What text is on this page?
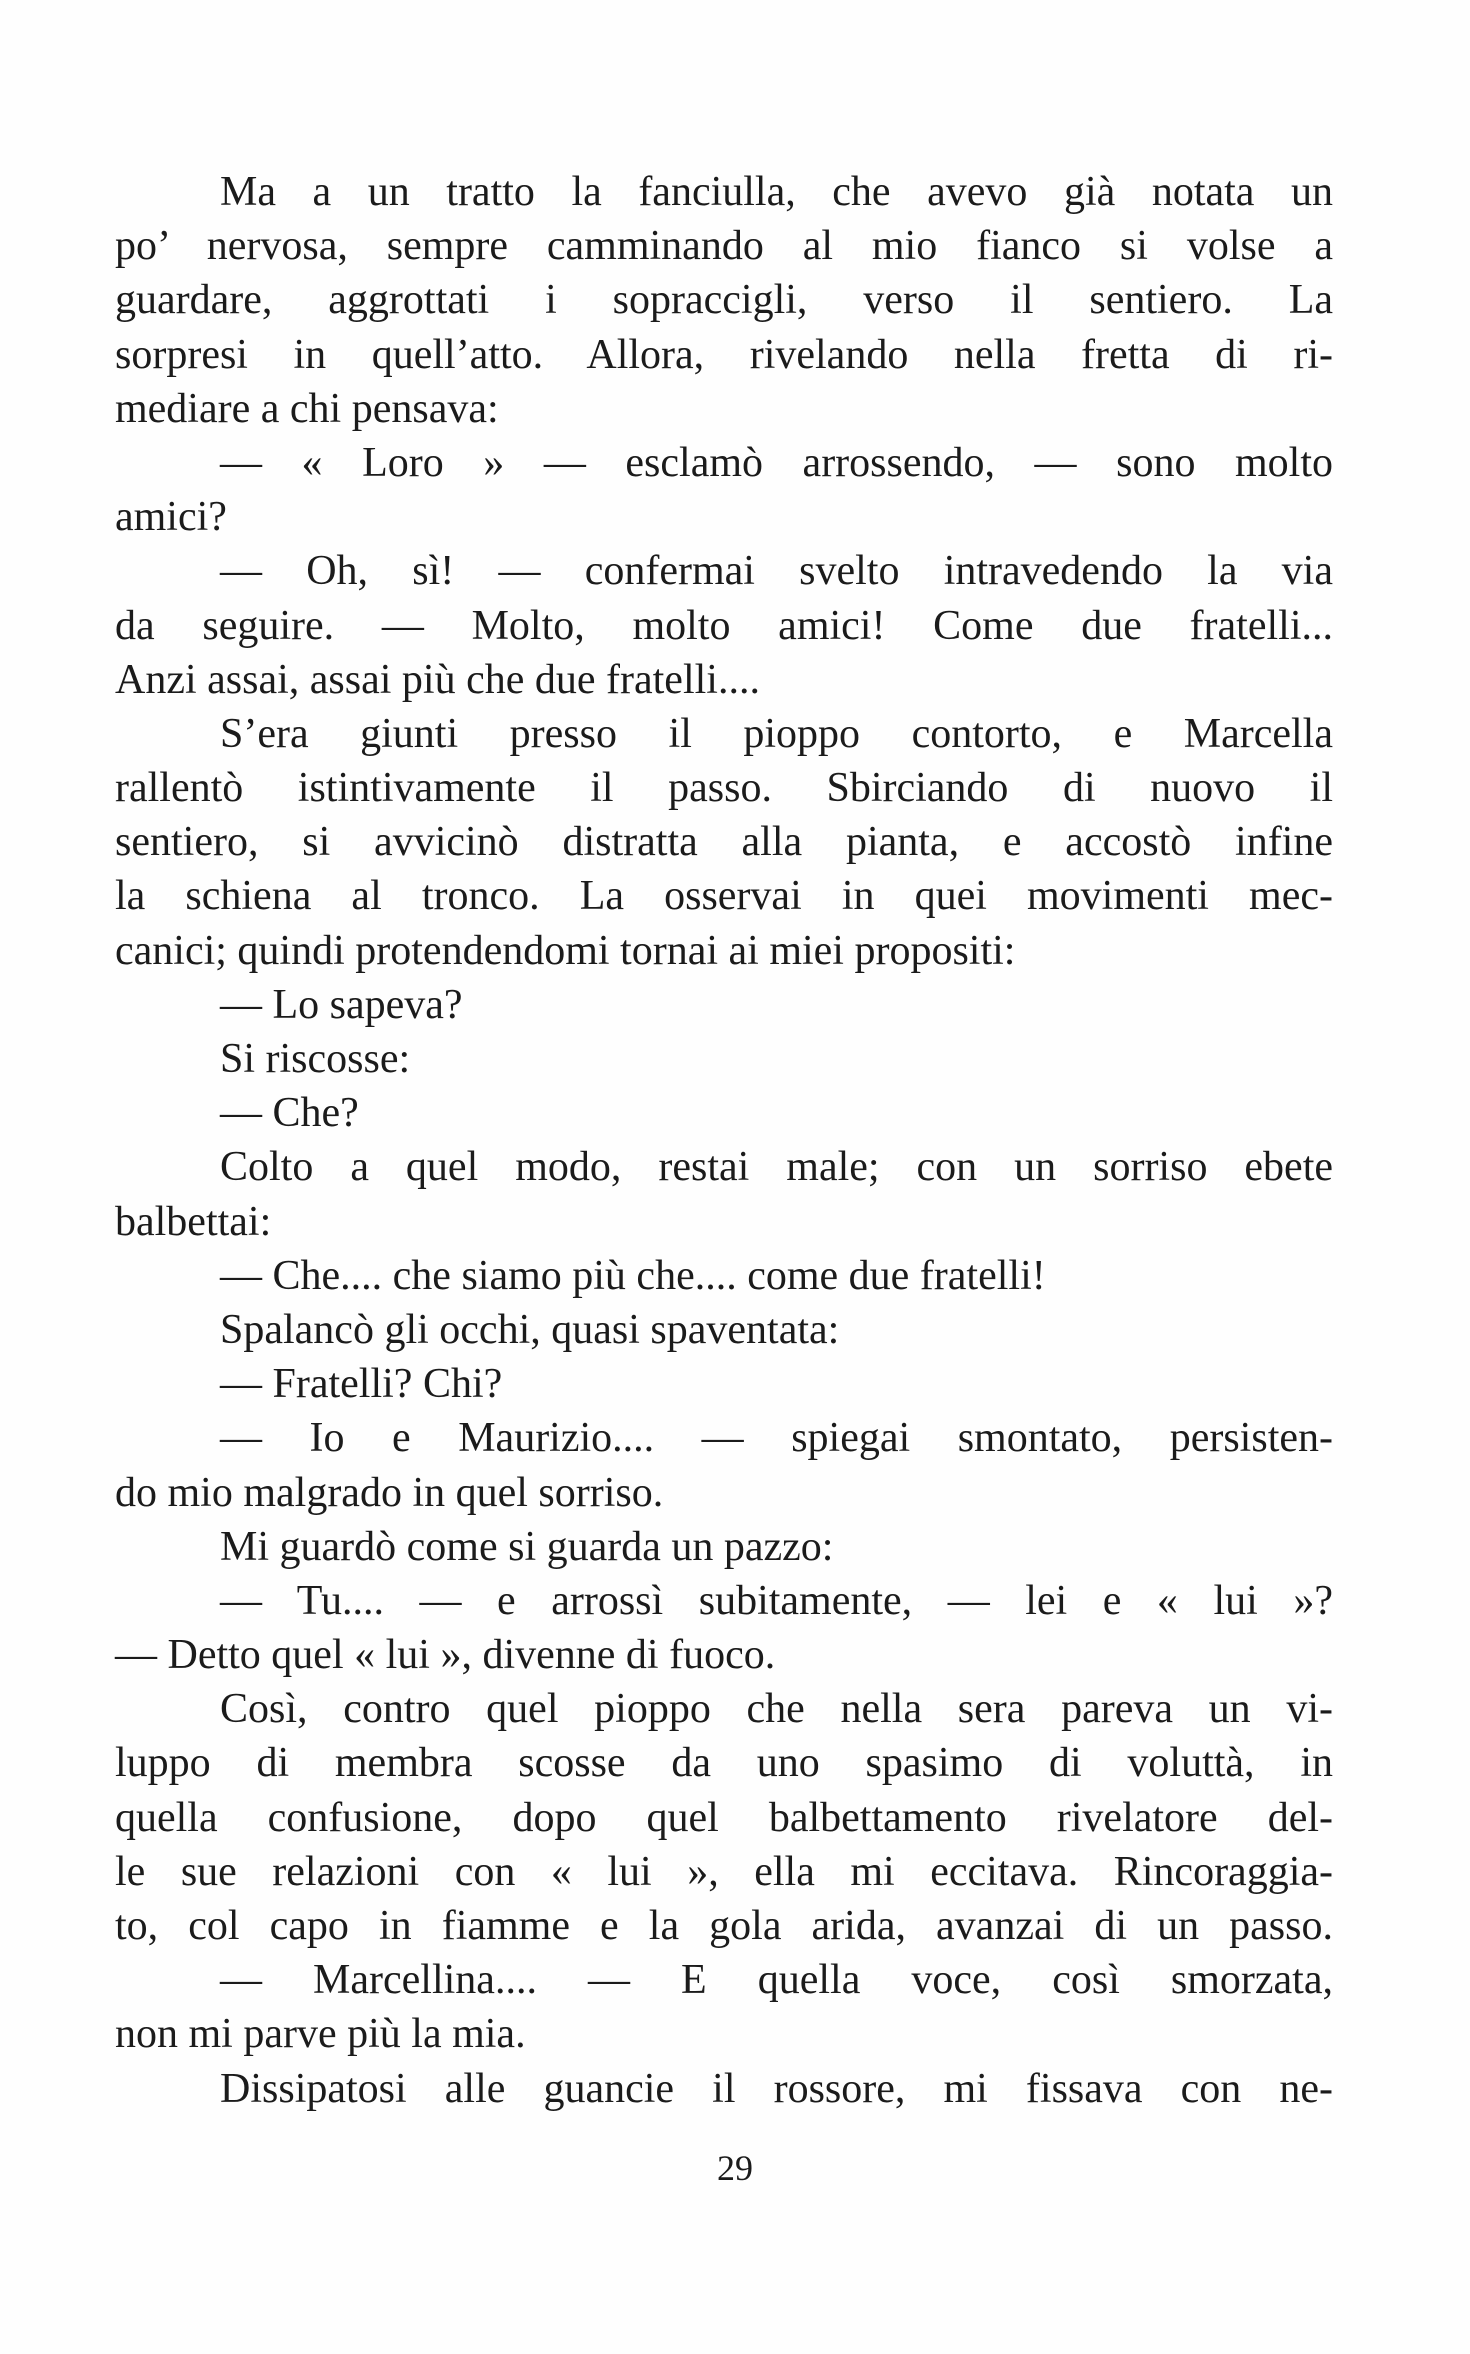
Ma a un tratto la fanciulla, che avevo già notata un
po’ nervosa, sempre camminando al mio fianco si volse a
guardare, aggrottati i sopraccigli, verso il sentiero. La
sorpresi in quell’atto. Allora, rivelando nella fretta di ri-
mediare a chi pensava:
— « Loro » — esclamò arrossendo, — sono molto
amici?
— Oh, sì! — confermai svelto intravedendo la via
da seguire. — Molto, molto amici! Come due fratelli...
Anzi assai, assai più che due fratelli....
S’era giunti presso il pioppo contorto, e Marcella
rallentò istintivamente il passo. Sbirciando di nuovo il
sentiero, si avvicinò distratta alla pianta, e accostò infine
la schiena al tronco. La osservai in quei movimenti mec-
canici; quindi protendendomi tornai ai miei propositi:
— Lo sapeva?
Si riscosse:
— Che?
Colto a quel modo, restai male; con un sorriso ebete
balbettai:
— Che.... che siamo più che.... come due fratelli!
Spalancò gli occhi, quasi spaventata:
— Fratelli? Chi?
— Io e Maurizio.... — spiegai smontato, persisten-
do mio malgrado in quel sorriso.
Mi guardò come si guarda un pazzo:
— Tu.... — e arrossì subitamente, — lei e « lui »?
— Detto quel « lui », divenne di fuoco.
Così, contro quel pioppo che nella sera pareva un vi-
luppo di membra scosse da uno spasimo di voluttà, in
quella confusione, dopo quel balbettamento rivelatore del-
le sue relazioni con « lui », ella mi eccitava. Rincoraggia-
to, col capo in fiamme e la gola arida, avanzai di un passo.
— Marcellina.... — E quella voce, così smorzata,
non mi parve più la mia.
Dissipatosi alle guancie il rossore, mi fissava con ne-
29
